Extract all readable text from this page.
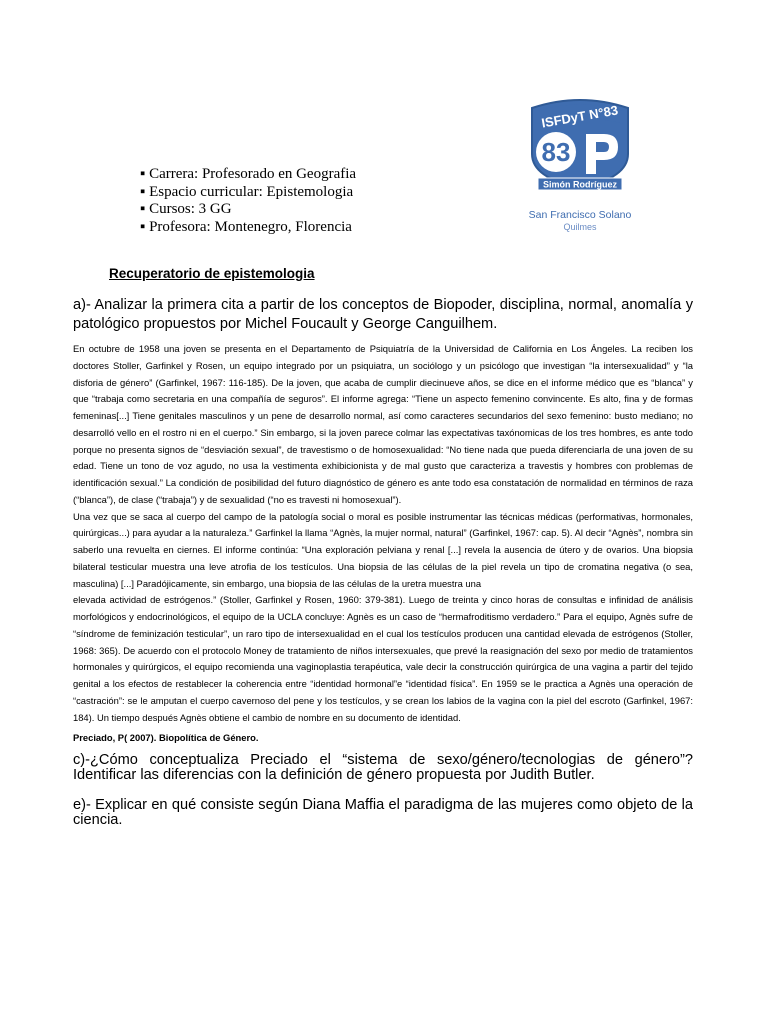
▪ Carrera: Profesorado en Geografia
▪ Espacio curricular: Epistemologia
▪ Cursos: 3 GG
▪ Profesora: Montenegro, Florencia
ISFDyT N°83
83
Simón Rodríguez
San Francisco Solano
Quilmes
Recuperatorio de epistemologia

a)- Analizar la primera cita a partir de los conceptos de Biopoder, disciplina, normal, anomalía y patológico propuestos por Michel Foucault y George Canguilhem.

En octubre de 1958 una joven se presenta en el Departamento de Psiquiatría de la Universidad de California en Los Ángeles. La reciben los doctores Stoller, Garfinkel y Rosen, un equipo integrado por un psiquiatra, un sociólogo y un psicólogo que investigan “la intersexualidad” y “la disforia de género” (Garfinkel, 1967: 116-185). De la joven, que acaba de cumplir diecinueve años, se dice en el informe médico que es “blanca” y que “trabaja como secretaria en una compañía de seguros”. El informe agrega: “Tiene un aspecto femenino convincente. Es alto, fina y de formas femeninas[...] Tiene genitales masculinos y un pene de desarrollo normal, así como caracteres secundarios del sexo femenino: busto mediano; no desarrolló vello en el rostro ni en el cuerpo.” Sin embargo, si la joven parece colmar las expectativas taxónomicas de los tres hombres, es ante todo porque no presenta signos de “desviación sexual”, de travestismo o de homosexualidad: “No tiene nada que pueda diferenciarla de una joven de su edad. Tiene un tono de voz agudo, no usa la vestimenta exhibicionista y de mal gusto que caracteriza a travestis y hombres con problemas de identificación sexual.” La condición de posibilidad del futuro diagnóstico de género es ante todo esa constatación de normalidad en términos de raza (“blanca”), de clase (“trabaja”) y de sexualidad (“no es travesti ni homosexual”).

Una vez que se saca al cuerpo del campo de la patología social o moral es posible instrumentar las técnicas médicas (performativas, hormonales, quirúrgicas...) para ayudar a la naturaleza.” Garfinkel la llama “Agnès, la mujer normal, natural” (Garfinkel, 1967: cap. 5). Al decir “Agnès”, nombra sin saberlo una revuelta en ciernes. El informe continúa: “Una exploración pelviana y renal [...] revela la ausencia de útero y de ovarios. Una biopsia bilateral testicular muestra una leve atrofia de los testículos. Una biopsia de las células de la piel revela un tipo de cromatina negativa (o sea, masculina) [...] Paradójicamente, sin embargo, una biopsia de las células de la uretra muestra una

elevada actividad de estrógenos.” (Stoller, Garfinkel y Rosen, 1960: 379-381). Luego de treinta y cinco horas de consultas e infinidad de análisis morfológicos y endocrinológicos, el equipo de la UCLA concluye: Agnès es un caso de “hermafroditismo verdadero.” Para el equipo, Agnès sufre de “síndrome de feminización testicular”, un raro tipo de intersexualidad en el cual los testículos producen una cantidad elevada de estrógenos (Stoller, 1968: 365). De acuerdo con el protocolo Money de tratamiento de niños intersexuales, que prevé la reasignación del sexo por medio de tratamientos hormonales y quirúrgicos, el equipo recomienda una vaginoplastia terapéutica, vale decir la construcción quirúrgica de una vagina a partir del tejido genital a los efectos de restablecer la coherencia entre “identidad hormonal”e “identidad física”. En 1959 se le practica a Agnès una operación de “castración”: se le amputan el cuerpo cavernoso del pene y los testículos, y se crean los labios de la vagina con la piel del escroto (Garfinkel, 1967: 184). Un tiempo después Agnès obtiene el cambio de nombre en su documento de identidad.

Preciado, P( 2007). Biopolítica de Género.

c)-¿Cómo conceptualiza Preciado el “sistema de sexo/género/tecnologias de género”? Identificar las diferencias con la definición de género propuesta por Judith Butler.

e)- Explicar en qué consiste según Diana Maffia el paradigma de las mujeres como objeto de la ciencia.
